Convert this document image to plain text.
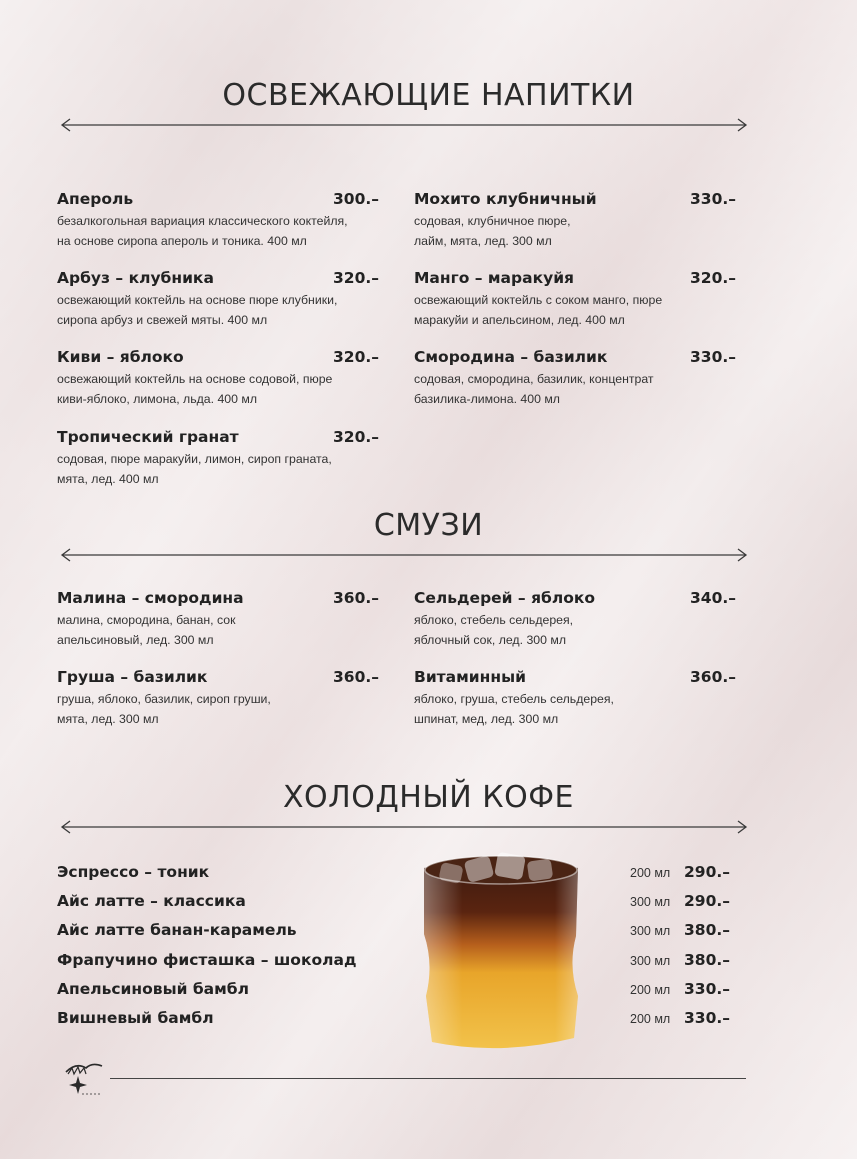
ОСВЕЖАЮЩИЕ НАПИТКИ
Апероль	300.–
безалкогольная вариация классического коктейля,
на основе сиропа апероль и тоника. 400 мл
Мохито клубничный	330.–
содовая, клубничное пюре,
лайм, мята, лед. 300 мл
Арбуз – клубника	320.–
освежающий коктейль на основе пюре клубники,
сиропа арбуз и свежей мяты. 400 мл
Манго – маракуйя	320.–
освежающий коктейль с соком манго, пюре
маракуйи и апельсином, лед. 400 мл
Киви – яблоко	320.–
освежающий коктейль на основе содовой, пюре
киви-яблоко, лимона, льда. 400 мл
Смородина – базилик	330.–
содовая, смородина, базилик, концентрат
базилика-лимона. 400 мл
Тропический гранат	320.–
содовая, пюре маракуйи, лимон, сироп граната,
мята, лед. 400 мл
СМУЗИ
Малина – смородина	360.–
малина, смородина, банан, сок
апельсиновый, лед. 300 мл
Сельдерей – яблоко	340.–
яблоко, стебель сельдерея,
яблочный сок, лед. 300 мл
Груша – базилик	360.–
груша, яблоко, базилик, сироп груши,
мята, лед. 300 мл
Витаминный	360.–
яблоко, груша, стебель сельдерея,
шпинат, мед, лед. 300 мл
ХОЛОДНЫЙ КОФЕ
Эспрессо – тоник	200 мл 290.–
Айс латте – классика	300 мл 290.–
Айс латте банан-карамель	300 мл 380.–
Фрапучино фисташка – шоколад	300 мл 380.–
Апельсиновый бамбл	200 мл 330.–
Вишневый бамбл	200 мл 330.–
